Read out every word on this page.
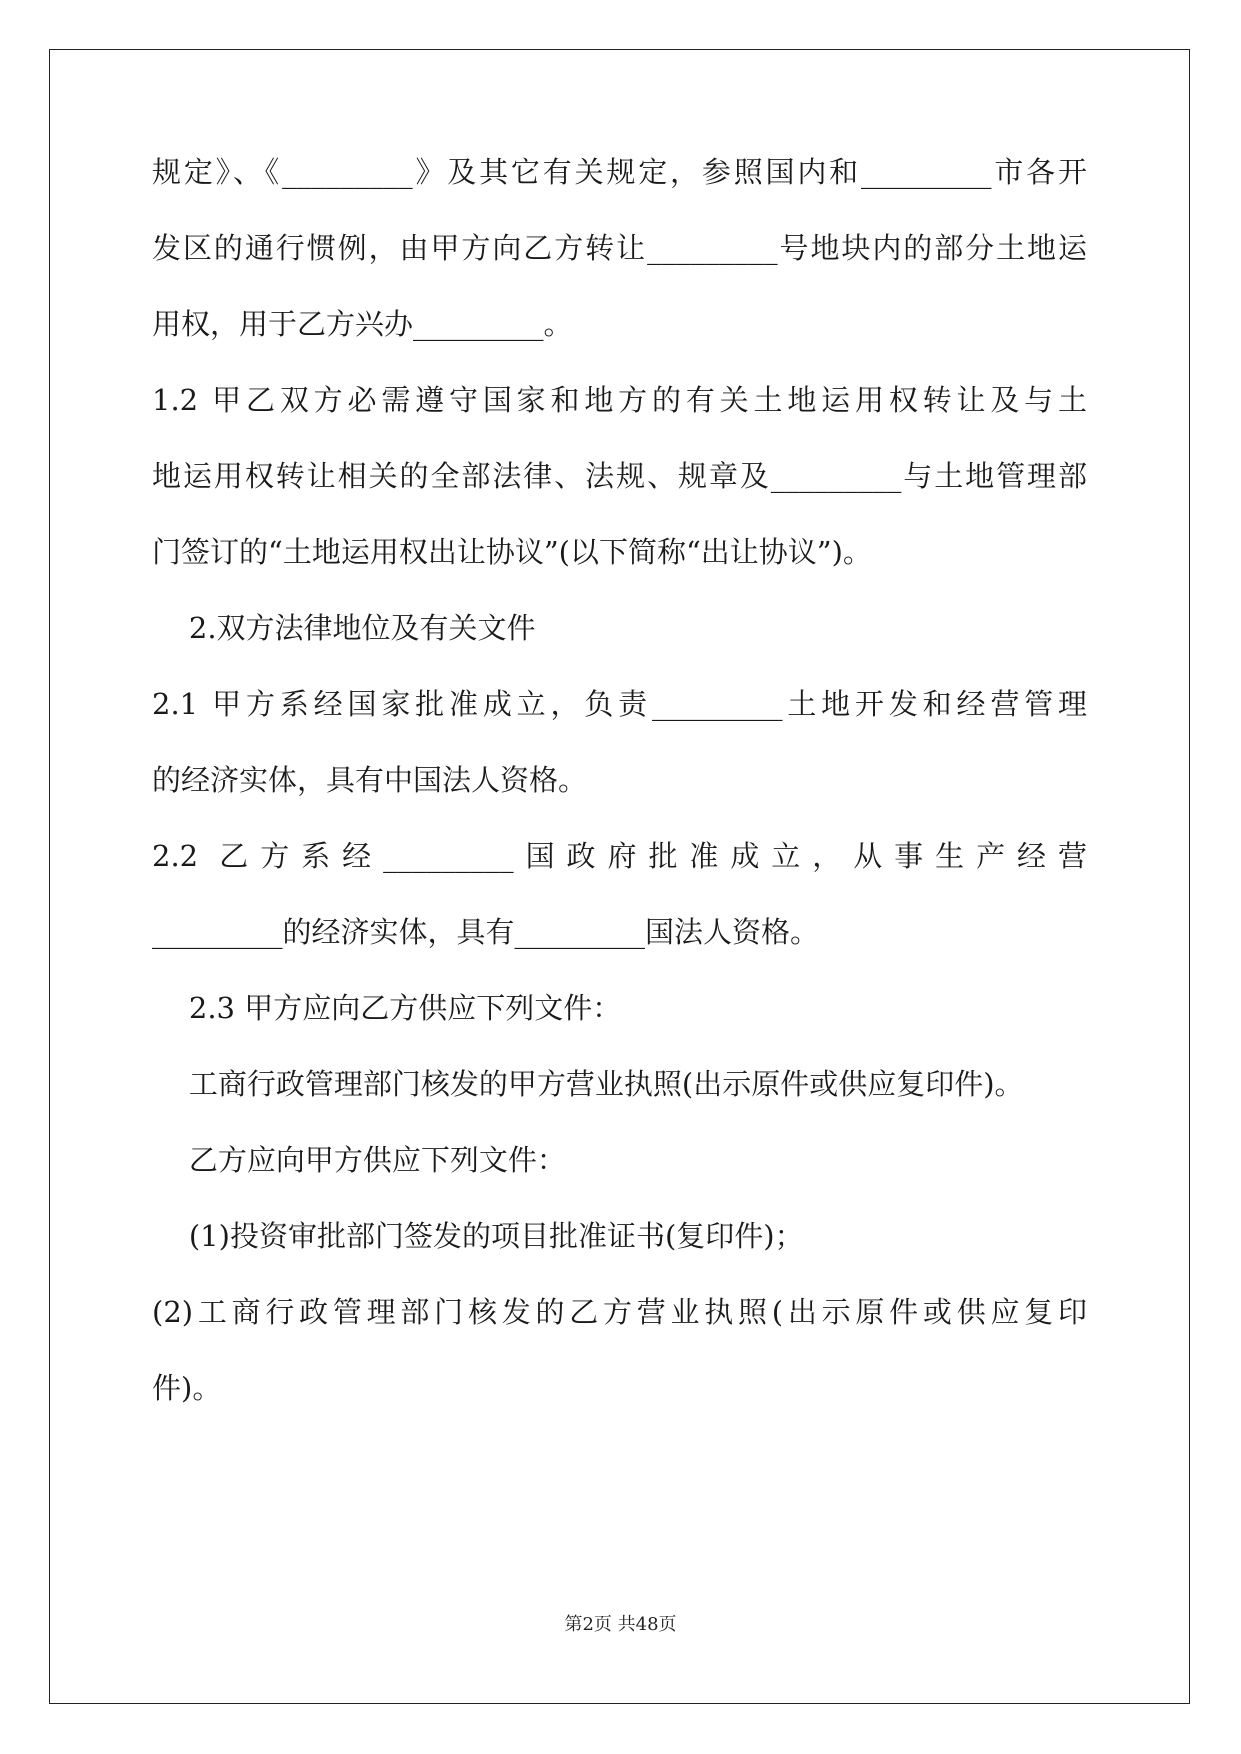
规定》、《_________》及其它有关规定，参照国内和_________市各开
发区的通行惯例，由甲方向乙方转让_________号地块内的部分土地运
用权，用于乙方兴办_________。
1.2 甲乙双方必需遵守国家和地方的有关土地运用权转让及与土
地运用权转让相关的全部法律、法规、规章及_________与土地管理部
门签订的“土地运用权出让协议”(以下简称“出让协议”)。
2.双方法律地位及有关文件
2.1 甲方系经国家批准成立，负责_________土地开发和经营管理
的经济实体，具有中国法人资格。
2.2 乙方系经_________国政府批准成立，从事生产经营
_________的经济实体，具有_________国法人资格。
2.3 甲方应向乙方供应下列文件：
工商行政管理部门核发的甲方营业执照(出示原件或供应复印件)。
乙方应向甲方供应下列文件：
(1)投资审批部门签发的项目批准证书(复印件)；
(2)工商行政管理部门核发的乙方营业执照(出示原件或供应复印
件)。
第2页 共48页
